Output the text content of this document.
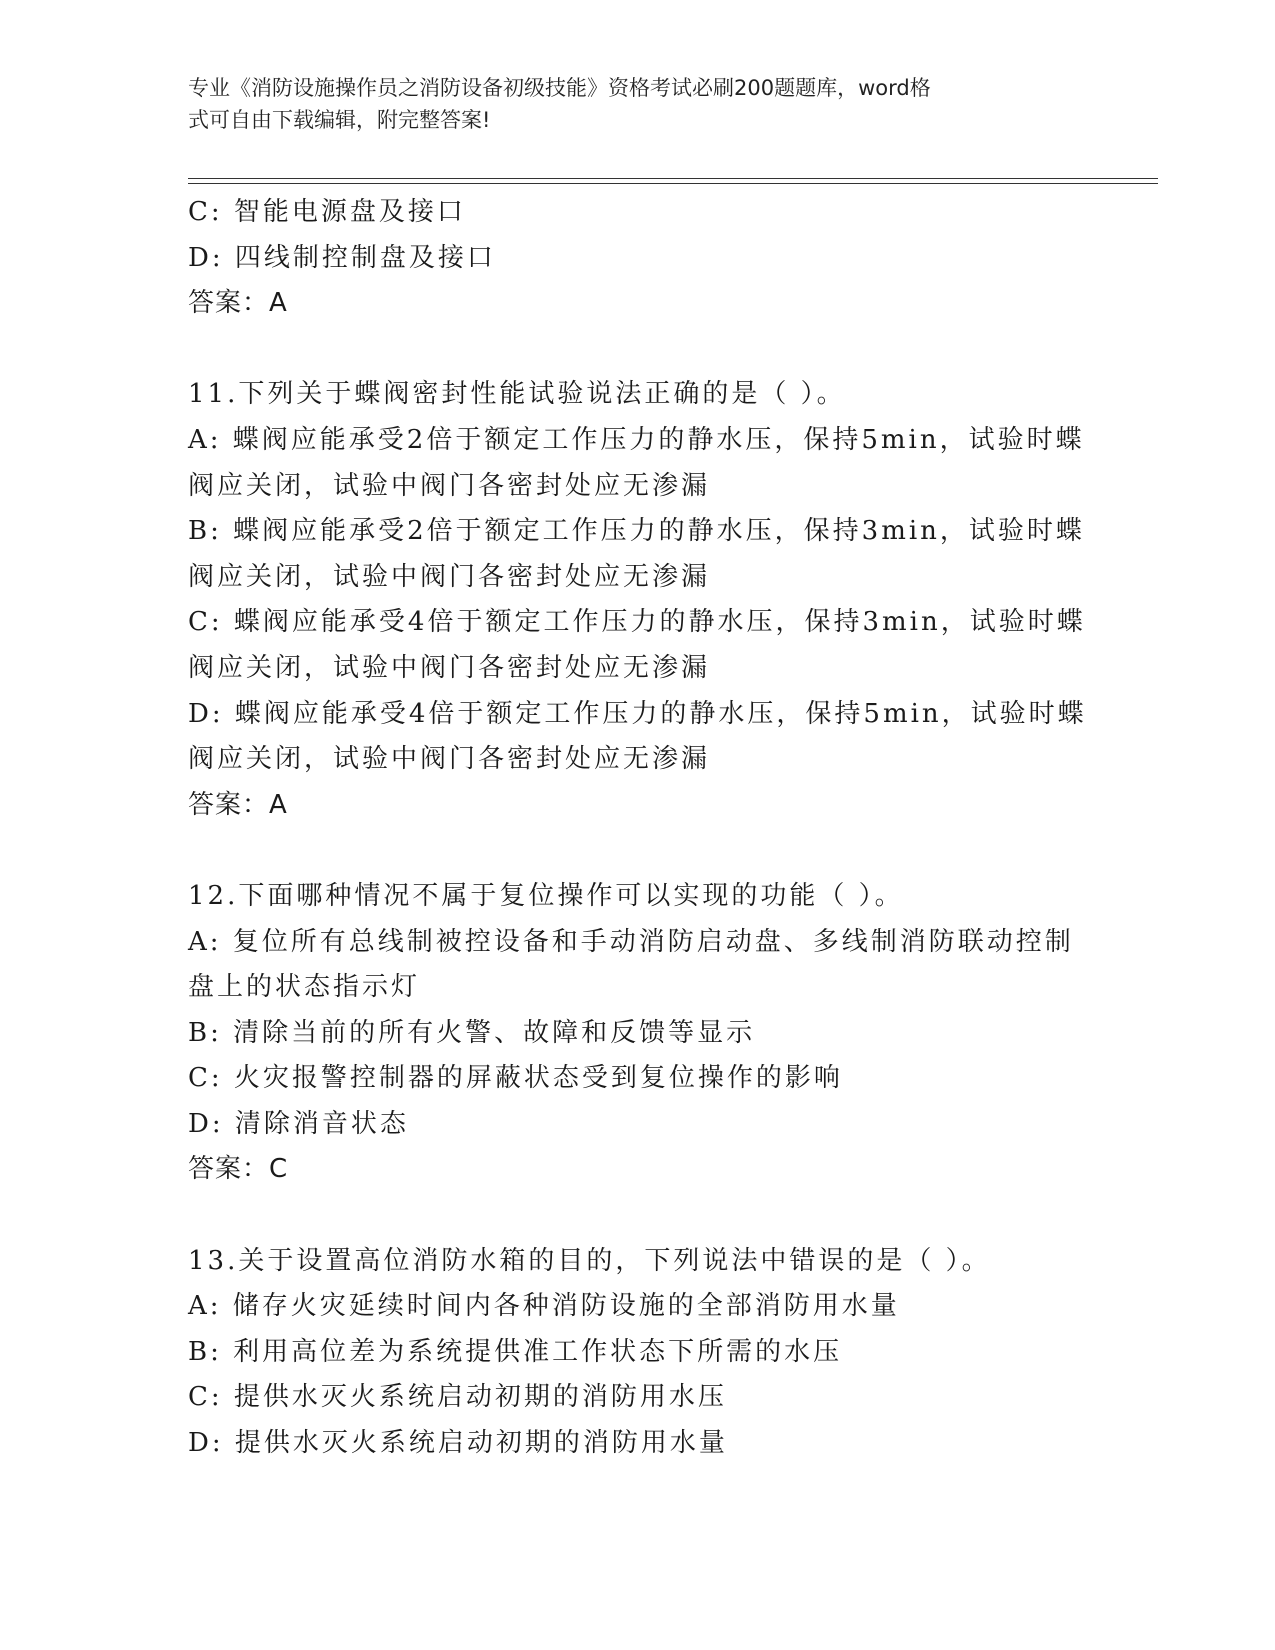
专业《消防设施操作员之消防设备初级技能》资格考试必刷200题题库，word格
式可自由下载编辑，附完整答案!
C: 智能电源盘及接口
D: 四线制控制盘及接口
答案：A
11.下列关于蝶阀密封性能试验说法正确的是（ ）。
A: 蝶阀应能承受2倍于额定工作压力的静水压，保持5min，试验时蝶
阀应关闭，试验中阀门各密封处应无渗漏
B: 蝶阀应能承受2倍于额定工作压力的静水压，保持3min，试验时蝶
阀应关闭，试验中阀门各密封处应无渗漏
C: 蝶阀应能承受4倍于额定工作压力的静水压，保持3min，试验时蝶
阀应关闭，试验中阀门各密封处应无渗漏
D: 蝶阀应能承受4倍于额定工作压力的静水压，保持5min，试验时蝶
阀应关闭，试验中阀门各密封处应无渗漏
答案：A
12.下面哪种情况不属于复位操作可以实现的功能（ ）。
A: 复位所有总线制被控设备和手动消防启动盘、多线制消防联动控制
盘上的状态指示灯
B: 清除当前的所有火警、故障和反馈等显示
C: 火灾报警控制器的屏蔽状态受到复位操作的影响
D: 清除消音状态
答案：C
13.关于设置高位消防水箱的目的，下列说法中错误的是（ ）。
A: 储存火灾延续时间内各种消防设施的全部消防用水量
B: 利用高位差为系统提供准工作状态下所需的水压
C: 提供水灭火系统启动初期的消防用水压
D: 提供水灭火系统启动初期的消防用水量
